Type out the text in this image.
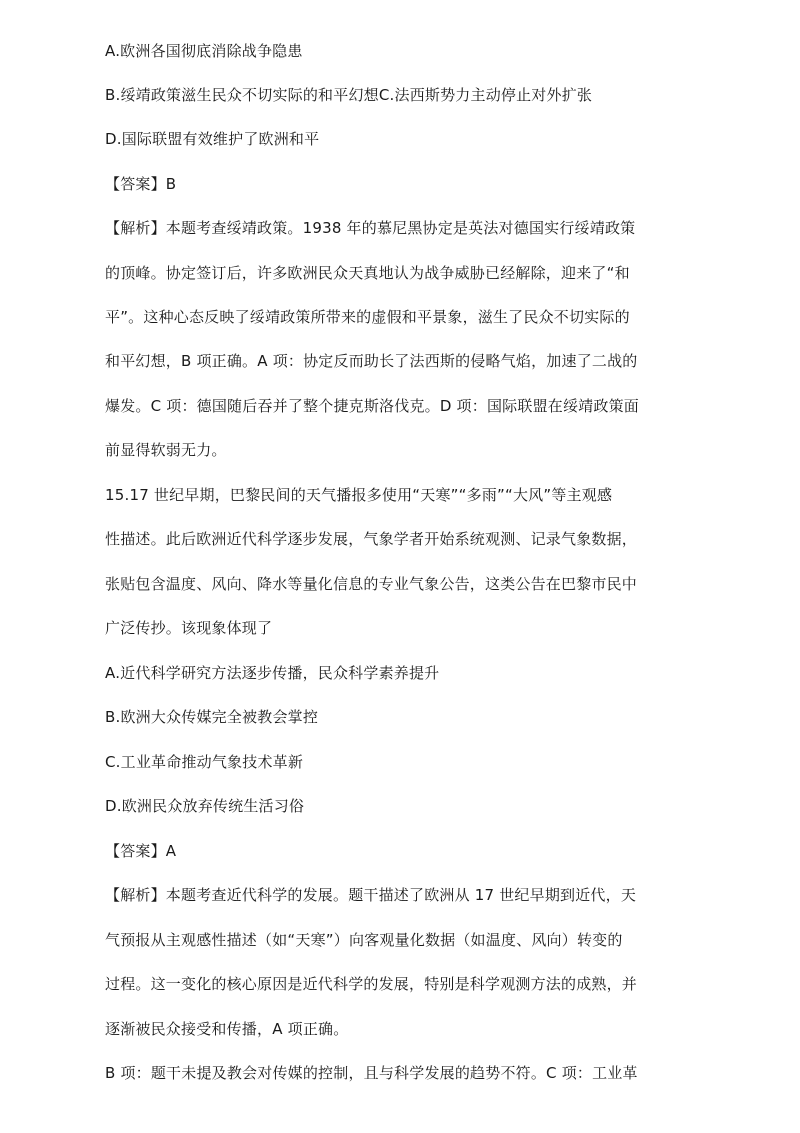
A.欧洲各国彻底消除战争隐患
B.绥靖政策滋生民众不切实际的和平幻想C.法西斯势力主动停止对外扩张
D.国际联盟有效维护了欧洲和平
【答案】B
【解析】本题考查绥靖政策。1938 年的慕尼黑协定是英法对德国实行绥靖政策
的顶峰。协定签订后，许多欧洲民众天真地认为战争威胁已经解除，迎来了“和
平”。这种心态反映了绥靖政策所带来的虚假和平景象，滋生了民众不切实际的
和平幻想，B 项正确。A 项：协定反而助长了法西斯的侵略气焰，加速了二战的
爆发。C 项：德国随后吞并了整个捷克斯洛伐克。D 项：国际联盟在绥靖政策面
前显得软弱无力。
15.17 世纪早期，巴黎民间的天气播报多使用“天寒”“多雨”“大风”等主观感
性描述。此后欧洲近代科学逐步发展，气象学者开始系统观测、记录气象数据，
张贴包含温度、风向、降水等量化信息的专业气象公告，这类公告在巴黎市民中
广泛传抄。该现象体现了
A.近代科学研究方法逐步传播，民众科学素养提升
B.欧洲大众传媒完全被教会掌控
C.工业革命推动气象技术革新
D.欧洲民众放弃传统生活习俗
【答案】A
【解析】本题考查近代科学的发展。题干描述了欧洲从 17 世纪早期到近代，天
气预报从主观感性描述（如“天寒”）向客观量化数据（如温度、风向）转变的
过程。这一变化的核心原因是近代科学的发展，特别是科学观测方法的成熟，并
逐渐被民众接受和传播，A 项正确。
B 项：题干未提及教会对传媒的控制，且与科学发展的趋势不符。C 项：工业革
